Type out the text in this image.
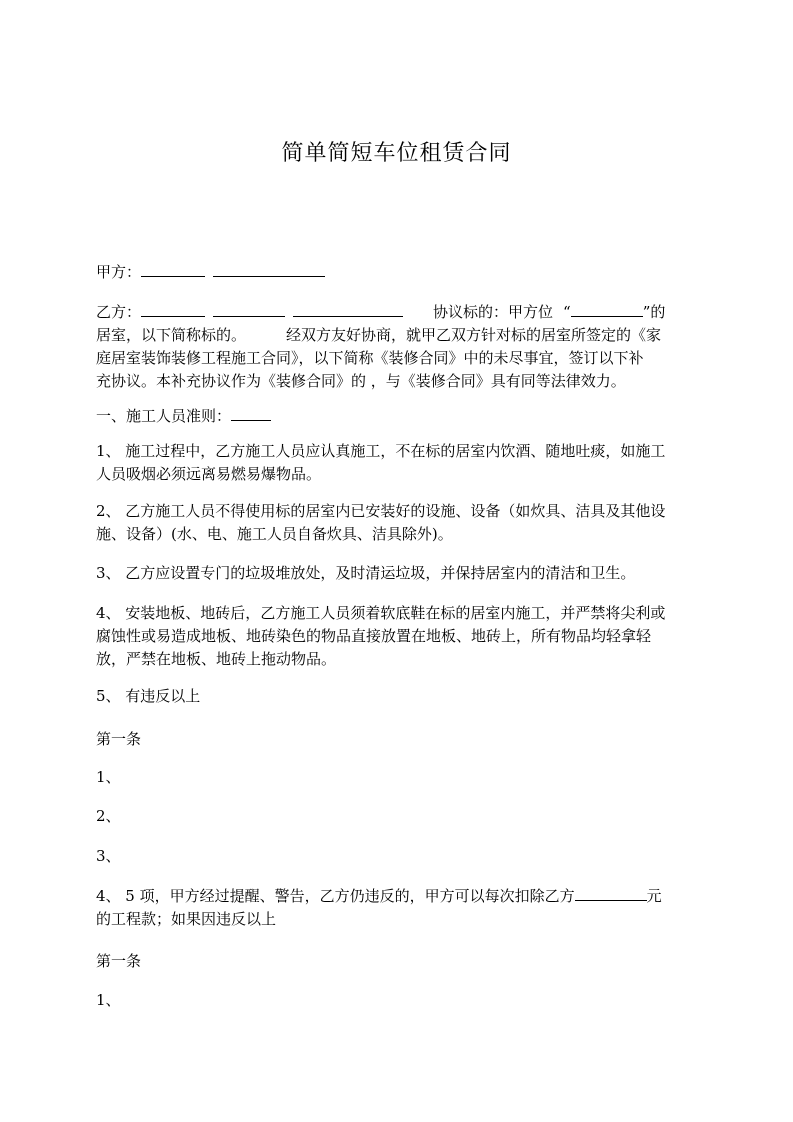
简单简短车位租赁合同
甲方：
乙方：	协议标的：甲方位 “	”的
居室，以下简称标的。	经双方友好协商，就甲乙双方针对标的居室所签定的《家
庭居室装饰装修工程施工合同》，以下简称《装修合同》中的未尽事宜，签订以下补
充协议。本补充协议作为《装修合同》的 ，与《装修合同》具有同等法律效力。
一、施工人员准则：
1、 施工过程中，乙方施工人员应认真施工，不在标的居室内饮酒、随地吐痰，如施工
人员吸烟必须远离易燃易爆物品。
2、 乙方施工人员不得使用标的居室内已安装好的设施、设备（如炊具、洁具及其他设
施、设备）(水、电、施工人员自备炊具、洁具除外)。
3、 乙方应设置专门的垃圾堆放处，及时清运垃圾，并保持居室内的清洁和卫生。
4、 安装地板、地砖后，乙方施工人员须着软底鞋在标的居室内施工，并严禁将尖利或
腐蚀性或易造成地板、地砖染色的物品直接放置在地板、地砖上，所有物品均轻拿轻
放，严禁在地板、地砖上拖动物品。
5、 有违反以上
第一条
1、
2、
3、
4、 5 项，甲方经过提醒、警告，乙方仍违反的，甲方可以每次扣除乙方	元
的工程款；如果因违反以上
第一条
1、
